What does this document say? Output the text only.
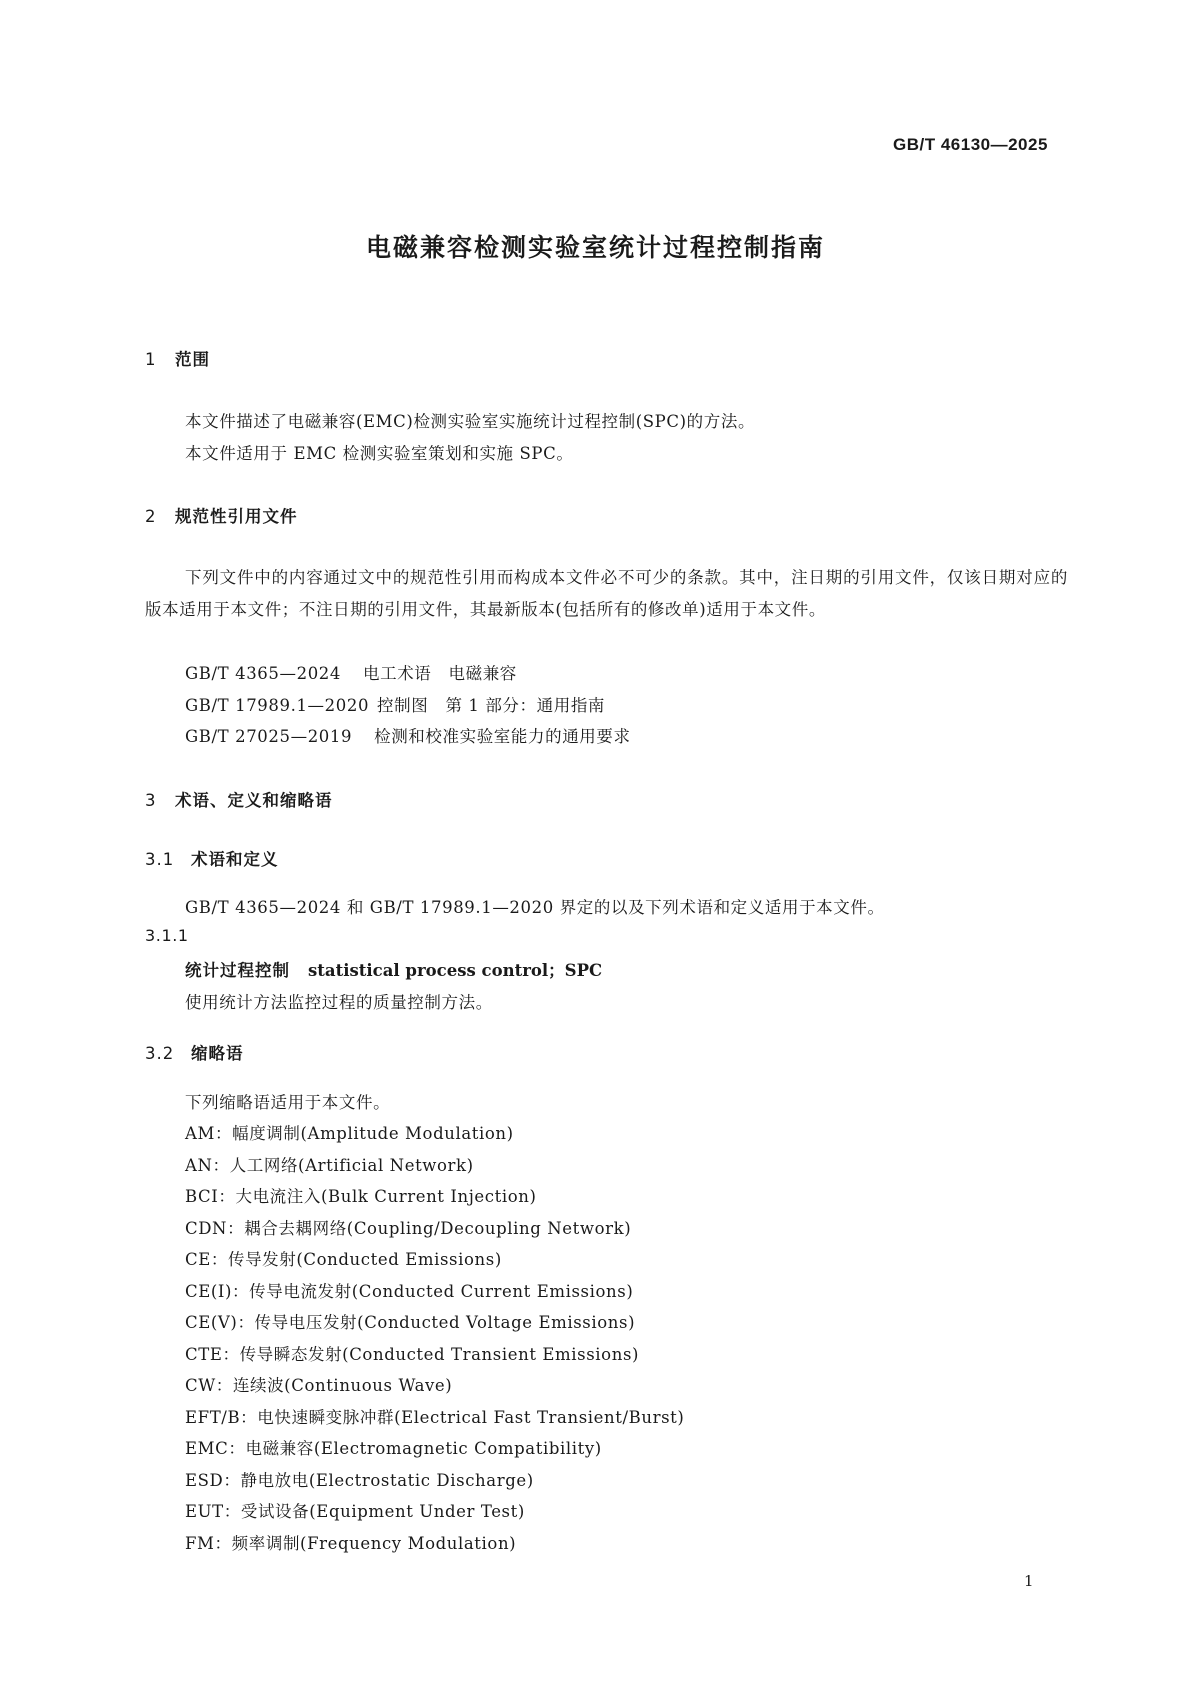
GB/T 46130—2025
电磁兼容检测实验室统计过程控制指南
1 范围
本文件描述了电磁兼容(EMC)检测实验室实施统计过程控制(SPC)的方法。
本文件适用于 EMC 检测实验室策划和实施 SPC。
2 规范性引用文件
下列文件中的内容通过文中的规范性引用而构成本文件必不可少的条款。其中，注日期的引用文件，仅该日期对应的版本适用于本文件；不注日期的引用文件，其最新版本(包括所有的修改单)适用于本文件。
GB/T 4365—2024 电工术语　电磁兼容
GB/T 17989.1—2020 控制图　第 1 部分：通用指南
GB/T 27025—2019 检测和校准实验室能力的通用要求
3 术语、定义和缩略语
3.1 术语和定义
GB/T 4365—2024 和 GB/T 17989.1—2020 界定的以及下列术语和定义适用于本文件。
3.1.1
统计过程控制 statistical process control；SPC
使用统计方法监控过程的质量控制方法。
3.2 缩略语
下列缩略语适用于本文件。
AM：幅度调制(Amplitude Modulation)
AN：人工网络(Artificial Network)
BCI：大电流注入(Bulk Current Injection)
CDN：耦合去耦网络(Coupling/Decoupling Network)
CE：传导发射(Conducted Emissions)
CE(I)：传导电流发射(Conducted Current Emissions)
CE(V)：传导电压发射(Conducted Voltage Emissions)
CTE：传导瞬态发射(Conducted Transient Emissions)
CW：连续波(Continuous Wave)
EFT/B：电快速瞬变脉冲群(Electrical Fast Transient/Burst)
EMC：电磁兼容(Electromagnetic Compatibility)
ESD：静电放电(Electrostatic Discharge)
EUT：受试设备(Equipment Under Test)
FM：频率调制(Frequency Modulation)
1
